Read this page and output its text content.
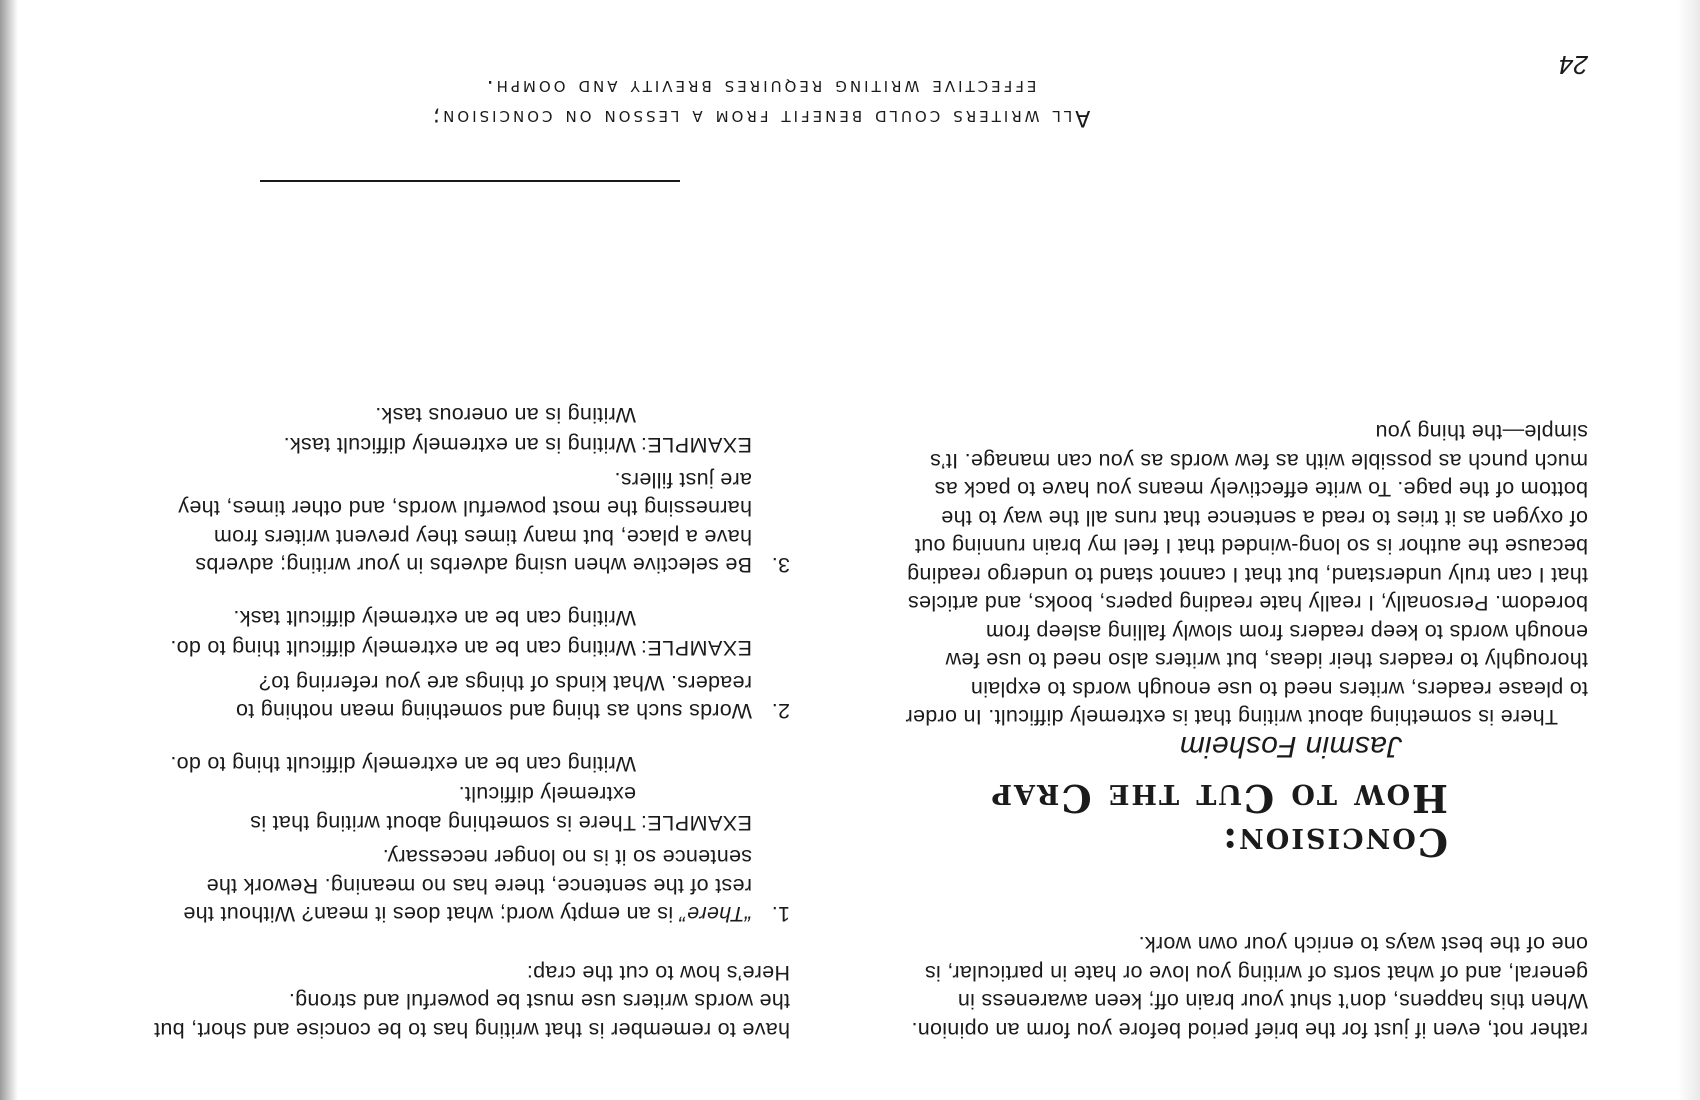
rather not, even if just for the brief period before you form an opinion. When this happens, don’t shut your brain off; keen awareness in general, and of what sorts of writing you love or hate in particular, is one of the best ways to enrich your own work.

Concision:
How to Cut the Crap
Jasmin Fosheim

There is something about writing that is extremely difficult. In order to please readers, writers need to use enough words to explain thoroughly to readers their ideas, but writers also need to use few enough words to keep readers from slowly falling asleep from boredom. Personally, I really hate reading papers, books, and articles that I can truly understand, but that I cannot stand to undergo reading because the author is so long-winded that I feel my brain running out of oxygen as it tries to read a sentence that runs all the way to the bottom of the page. To write effectively means you have to pack as much punch as possible with as few words as you can manage. It’s simple—the thing you

have to remember is that writing has to be concise and short, but the words writers use must be powerful and strong.

Here’s how to cut the crap:

1.
“There” is an empty word; what does it mean? Without the rest of the sentence, there has no meaning. Rework the sentence so it is no longer necessary.
EXAMPLE:
There is something about writing that is extremely difficult.
Writing can be an extremely difficult thing to do.
2.
Words such as thing and something mean nothing to readers. What kinds of things are you referring to?
EXAMPLE:
Writing can be an extremely difficult thing to do.
Writing can be an extremely difficult task.
3.
Be selective when using adverbs in your writing; adverbs have a place, but many times they prevent writers from harnessing the most powerful words, and other times, they are just fillers.
EXAMPLE:
Writing is an extremely difficult task.
Writing is an onerous task.
All writers could benefit from a lesson on concision;
effective writing requires brevity and oomph.
24
